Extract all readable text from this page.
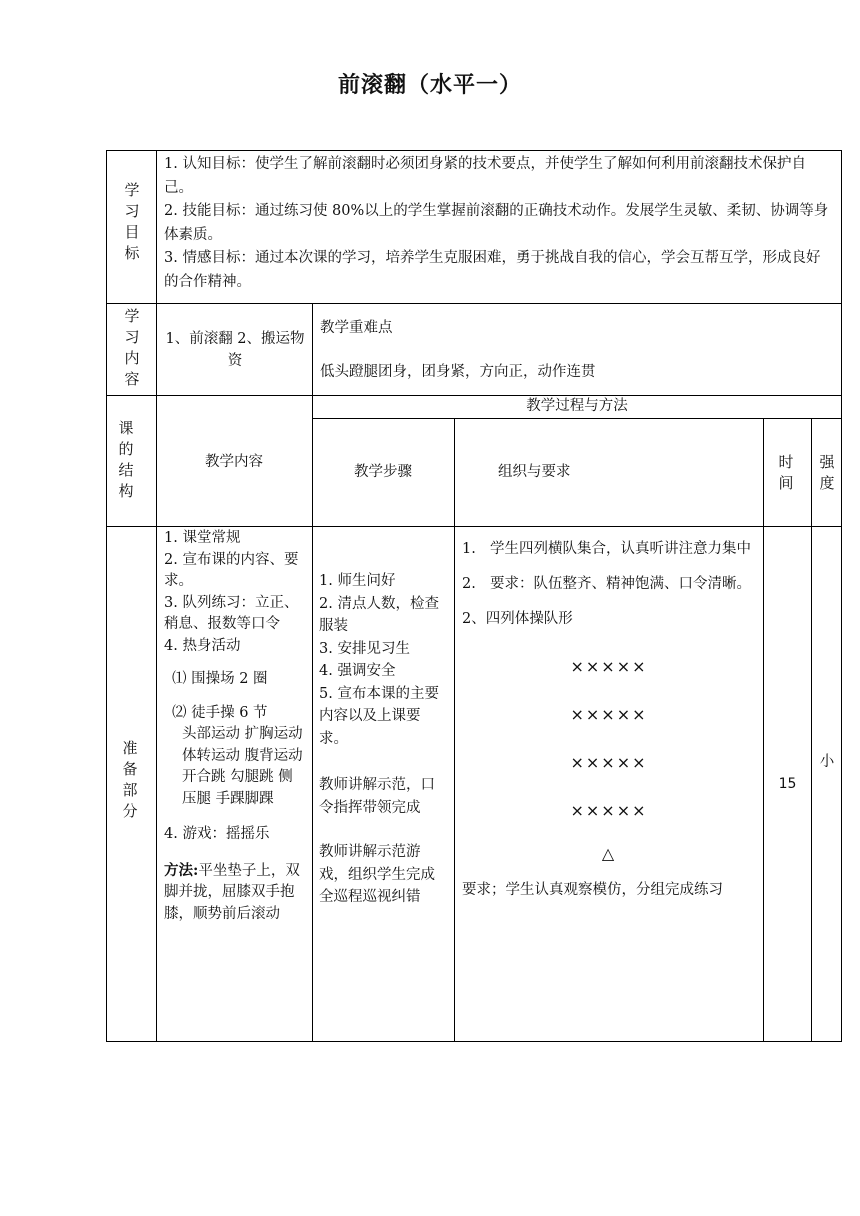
前滚翻（水平一）
学习目标
1. 认知目标：使学生了解前滚翻时必须团身紧的技术要点，并使学生了解如何利用前滚翻技术保护自己。
2. 技能目标：通过练习使 80%以上的学生掌握前滚翻的正确技术动作。发展学生灵敏、柔韧、协调等身体素质。
3. 情感目标：通过本次课的学习，培养学生克服困难，勇于挑战自我的信心，学会互帮互学，形成良好的合作精神。
学习内容
1、前滚翻 2、搬运物资
教学重难点
低头蹬腿团身，团身紧，方向正，动作连贯
课的结构
教学内容
教学过程与方法
教学步骤	组织与要求
时间
强度
准备部分
1. 课堂常规
2. 宣布课的内容、要求。
3. 队列练习：立正、稍息、报数等口令
4. 热身活动
⑴ 围操场 2 圈
⑵ 徒手操 6 节
头部运动 扩胸运动 体转运动 腹背运动 开合跳 勾腿跳 侧压腿 手踝脚踝
4. 游戏：摇摇乐
方法:平坐垫子上，双脚并拢，屈膝双手抱膝，顺势前后滚动
1. 师生问好
2. 清点人数，检查服装
3. 安排见习生
4. 强调安全
5. 宣布本课的主要内容以及上课要求。
教师讲解示范，口令指挥带领完成
教师讲解示范游戏，组织学生完成全巡程巡视纠错
1. 学生四列横队集合，认真听讲注意力集中
2. 要求：队伍整齐、精神饱满、口令清晰。
2、四列体操队形
×××××
×××××
×××××
×××××
△
要求；学生认真观察模仿，分组完成练习
15
小
